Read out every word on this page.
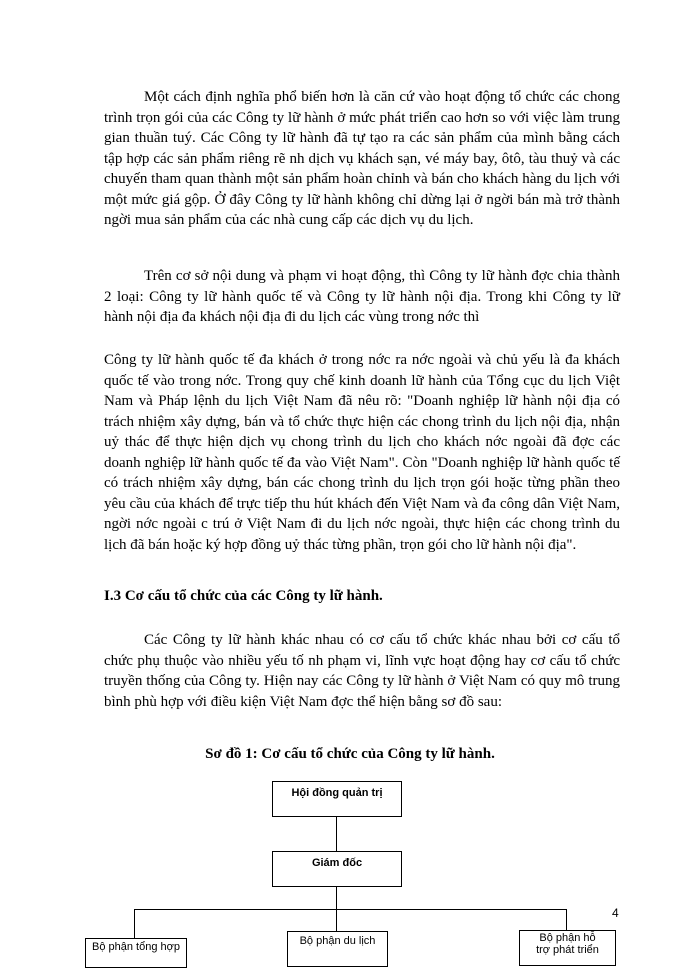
Một cách định nghĩa phổ biến hơn là căn cứ vào hoạt động tổ chức các chong trình trọn gói của các Công ty lữ hành ở mức phát triển cao hơn so với việc làm trung gian thuần tuý. Các Công ty lữ hành đã tự tạo ra các sản phẩm của mình bằng cách tập hợp các sản phẩm riêng rẽ nh dịch vụ khách sạn, vé máy bay, ôtô, tàu thuỷ và các chuyến tham quan thành một sản phẩm hoàn chỉnh và bán cho khách hàng du lịch với một mức giá gộp. Ở đây Công ty lữ hành không chỉ dừng lại ở ngời bán mà trở thành ngời mua sản phẩm của các nhà cung cấp các dịch vụ du lịch.

Trên cơ sở nội dung và phạm vi hoạt động, thì Công ty lữ hành đợc chia thành 2 loại: Công ty lữ hành quốc tế và Công ty lữ hành nội địa. Trong khi Công ty lữ hành nội địa đa khách nội địa đi du lịch các vùng trong nớc thì

Công ty lữ hành quốc tế đa khách ở trong nớc ra nớc ngoài và chủ yếu là đa khách quốc tế vào trong nớc. Trong quy chế kinh doanh lữ hành của Tổng cục du lịch Việt Nam và Pháp lệnh du lịch Việt Nam đã nêu rõ: "Doanh nghiệp lữ hành nội địa có trách nhiệm xây dựng, bán và tổ chức thực hiện các chong trình du lịch nội địa, nhận uỷ thác để thực hiện dịch vụ chong trình du lịch cho khách nớc ngoài đã đợc các doanh nghiệp lữ hành quốc tế đa vào Việt Nam". Còn "Doanh nghiệp lữ hành quốc tế có trách nhiệm xây dựng, bán các chong trình du lịch trọn gói hoặc từng phần theo yêu cầu của khách để trực tiếp thu hút khách đến Việt Nam và đa công dân Việt Nam, ngời nớc ngoài c trú ở Việt Nam đi du lịch nớc ngoài, thực hiện các chong trình du lịch đã bán hoặc ký hợp đồng uỷ thác từng phần, trọn gói cho lữ hành nội địa".

I.3 Cơ cấu tổ chức của các Công ty lữ hành.

Các Công ty lữ hành khác nhau có cơ cấu tổ chức khác nhau bởi cơ cấu tổ chức phụ thuộc vào nhiều yếu tố nh phạm vi, lĩnh vực hoạt động hay cơ cấu tổ chức truyền thống của Công ty. Hiện nay các Công ty lữ hành ở Việt Nam có quy mô trung bình phù hợp với điều kiện Việt Nam đợc thể hiện bằng sơ đồ sau:

Sơ đồ 1: Cơ cấu tổ chức của Công ty lữ hành.
Hội đồng quản trị
Giám đốc
Bộ phận tổng hợp	Bộ phận du lịch	Bộ phận hỗ trợ phát triển
4
